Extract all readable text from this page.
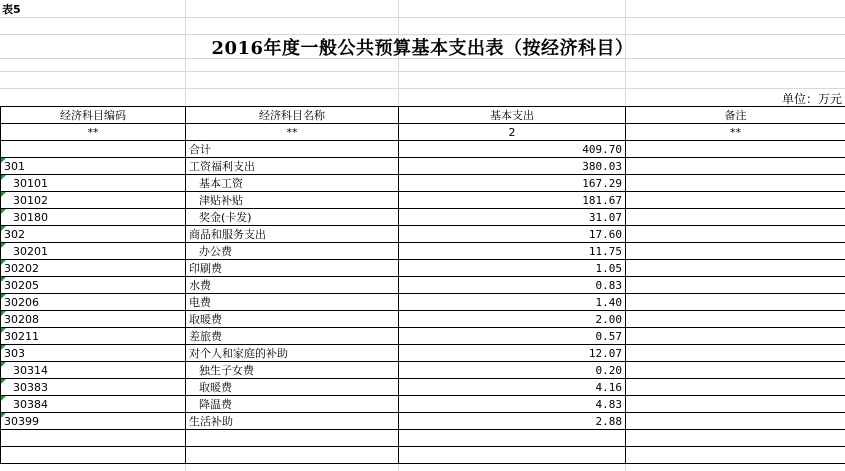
表5
2016年度一般公共预算基本支出表（按经济科目）
单位：万元
经济科目编码	经济科目名称	基本支出	备注
**	**	2	**
	合计	409.70	

301	工资福利支出	380.03	

30101	基本工资	167.29	

30102	津贴补贴	181.67	

30180	奖金(卡发)	31.07	

302	商品和服务支出	17.60	

30201	办公费	11.75	

30202	印刷费	1.05	

30205	水费	0.83	

30206	电费	1.40	

30208	取暖费	2.00	

30211	差旅费	0.57	

303	对个人和家庭的补助	12.07	

30314	独生子女费	0.20	

30383	取暖费	4.16	

30384	降温费	4.83	

30399	生活补助	2.88	
